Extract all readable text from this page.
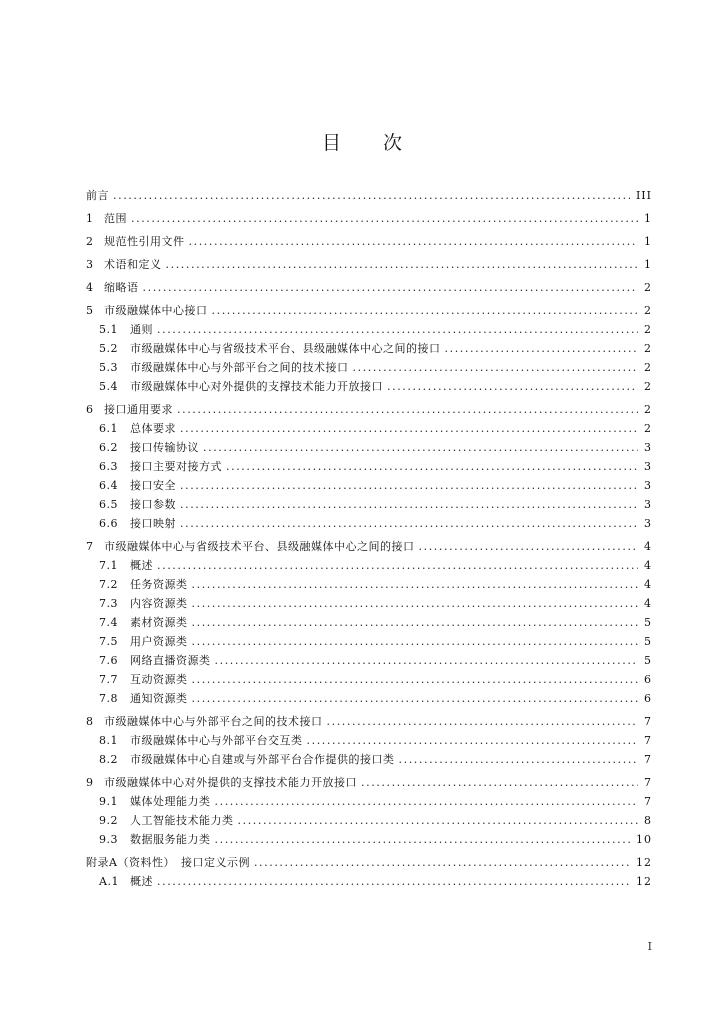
目 次
前言 .....	III
1 范围 .....	1
2 规范性引用文件 .....	1
3 术语和定义 .....	1
4 缩略语 .....	2
5 市级融媒体中心接口 .....	2
5.1	通则 .....	2
5.2	市级融媒体中心与省级技术平台、县级融媒体中心之间的接口 .....	2
5.3	市级融媒体中心与外部平台之间的技术接口 .....	2
5.4	市级融媒体中心对外提供的支撑技术能力开放接口 .....	2
6 接口通用要求 .....	2
6.1	总体要求 .....	2
6.2	接口传输协议 .....	3
6.3	接口主要对接方式 .....	3
6.4	接口安全 .....	3
6.5	接口参数 .....	3
6.6	接口映射 .....	3
7 市级融媒体中心与省级技术平台、县级融媒体中心之间的接口 .....	4
7.1	概述 .....	4
7.2	任务资源类 .....	4
7.3	内容资源类 .....	4
7.4	素材资源类 .....	5
7.5	用户资源类 .....	5
7.6	网络直播资源类 .....	5
7.7	互动资源类 .....	6
7.8	通知资源类 .....	6
8 市级融媒体中心与外部平台之间的技术接口 .....	7
8.1	市级融媒体中心与外部平台交互类 .....	7
8.2	市级融媒体中心自建或与外部平台合作提供的接口类 .....	7
9 市级融媒体中心对外提供的支撑技术能力开放接口 .....	7
9.1	媒体处理能力类 .....	7
9.2	人工智能技术能力类 .....	8
9.3	数据服务能力类 .....	10
附录A（资料性）　接口定义示例 .....	12
A.1	概述 .....	12
I
